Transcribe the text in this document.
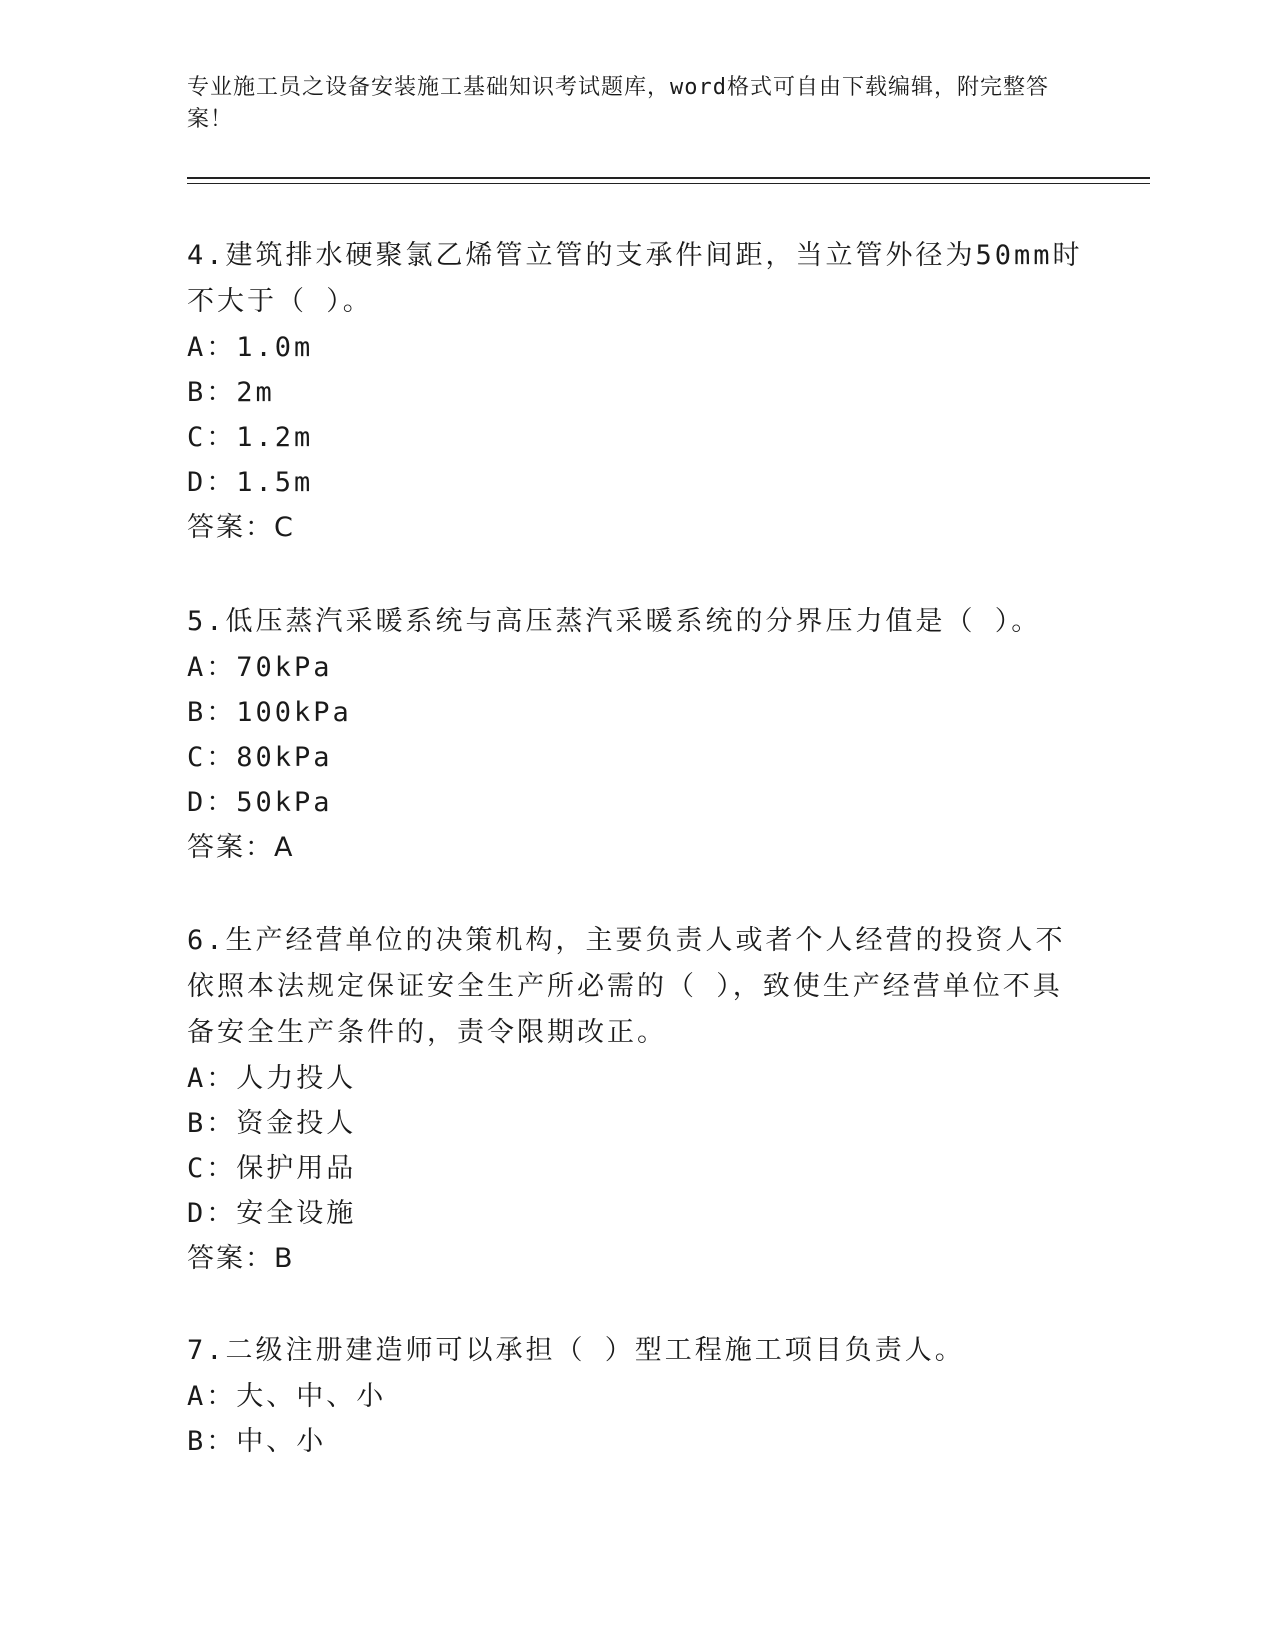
专业施工员之设备安装施工基础知识考试题库，word格式可自由下载编辑，附完整答案！
4.建筑排水硬聚氯乙烯管立管的支承件间距，当立管外径为50mm时不大于（ ）。
A：1.0m
B：2m
C：1.2m
D：1.5m
答案：C
5.低压蒸汽采暖系统与高压蒸汽采暖系统的分界压力值是（ ）。
A：70kPa
B：100kPa
C：80kPa
D：50kPa
答案：A
6.生产经营单位的决策机构，主要负责人或者个人经营的投资人不依照本法规定保证安全生产所必需的（ ），致使生产经营单位不具备安全生产条件的，责令限期改正。
A：人力投人
B：资金投人
C：保护用品
D：安全设施
答案：B
7.二级注册建造师可以承担（ ）型工程施工项目负责人。
A：大、中、小
B：中、小
